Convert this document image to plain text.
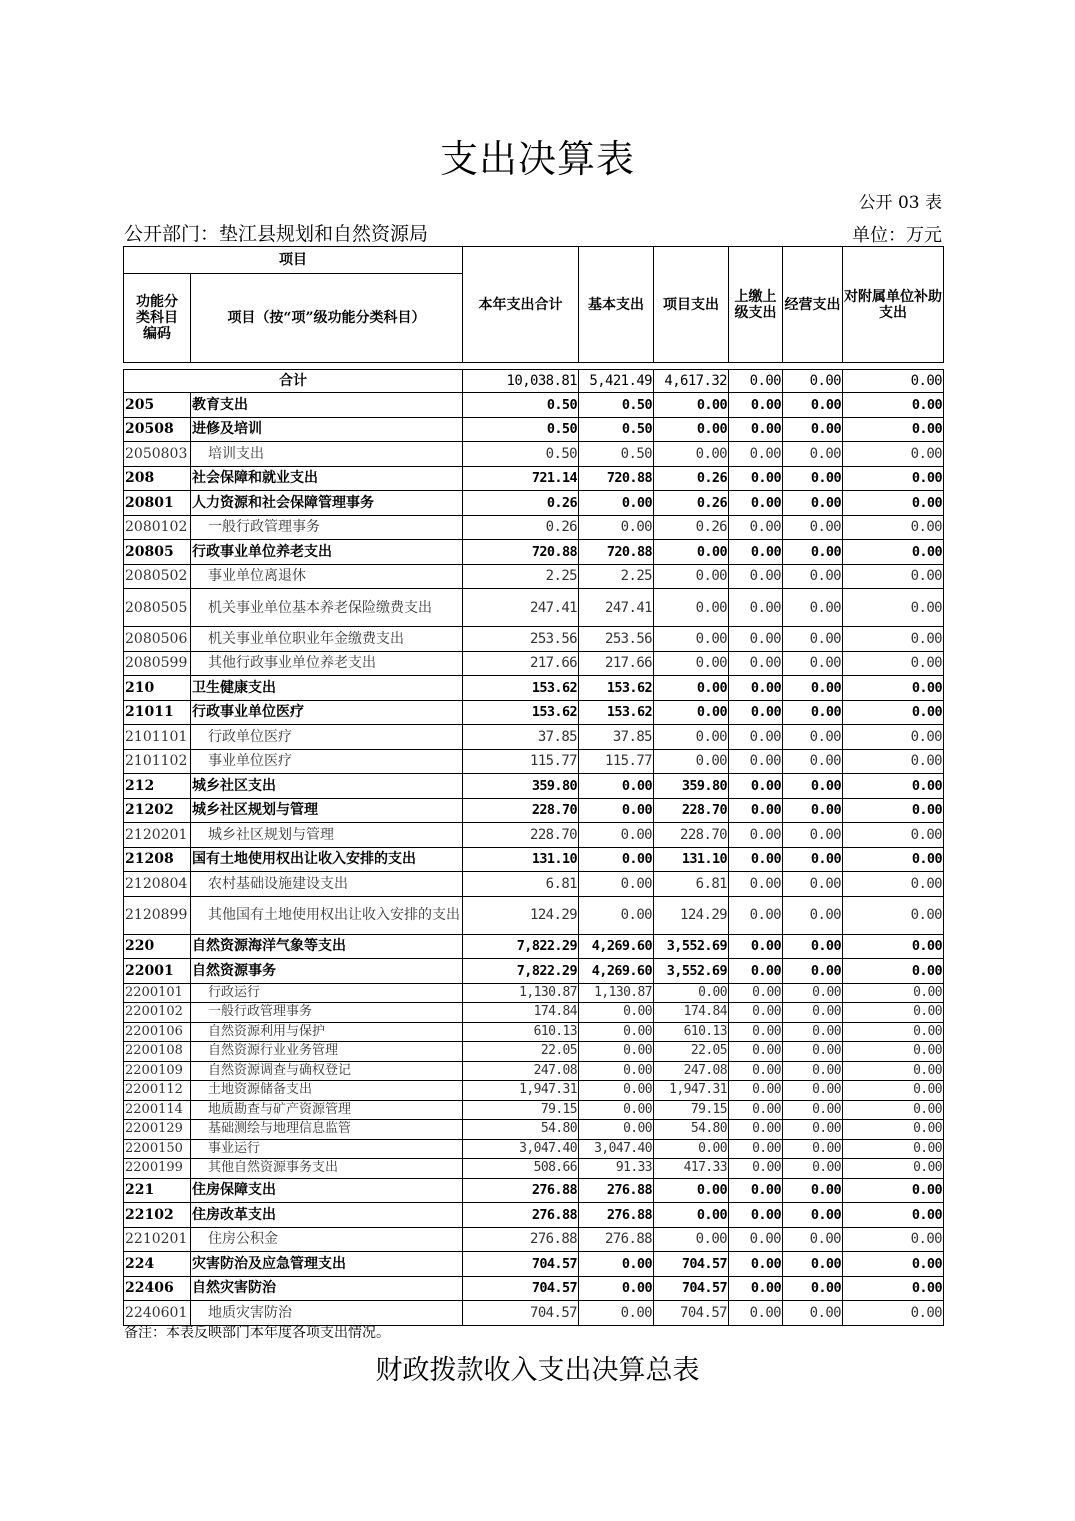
支出决算表
公开 03 表
公开部门：垫江县规划和自然资源局	单位：万元
项目		本年支出合计	基本支出	项目支出	上缴上级支出	经营支出	对附属单位补助支出
功能分类科目编码	项目（按“项”级功能分类科目）						

合计		10,038.81	5,421.49	4,617.32	0.00	0.00	0.00
205	教育支出	0.50	0.50	0.00	0.00	0.00	0.00
20508	进修及培训	0.50	0.50	0.00	0.00	0.00	0.00
2050803	培训支出	0.50	0.50	0.00	0.00	0.00	0.00
208	社会保障和就业支出	721.14	720.88	0.26	0.00	0.00	0.00
20801	人力资源和社会保障管理事务	0.26	0.00	0.26	0.00	0.00	0.00
2080102	一般行政管理事务	0.26	0.00	0.26	0.00	0.00	0.00
20805	行政事业单位养老支出	720.88	720.88	0.00	0.00	0.00	0.00
2080502	事业单位离退休	2.25	2.25	0.00	0.00	0.00	0.00
2080505	机关事业单位基本养老保险缴费支出	247.41	247.41	0.00	0.00	0.00	0.00
2080506	机关事业单位职业年金缴费支出	253.56	253.56	0.00	0.00	0.00	0.00
2080599	其他行政事业单位养老支出	217.66	217.66	0.00	0.00	0.00	0.00
210	卫生健康支出	153.62	153.62	0.00	0.00	0.00	0.00
21011	行政事业单位医疗	153.62	153.62	0.00	0.00	0.00	0.00
2101101	行政单位医疗	37.85	37.85	0.00	0.00	0.00	0.00
2101102	事业单位医疗	115.77	115.77	0.00	0.00	0.00	0.00
212	城乡社区支出	359.80	0.00	359.80	0.00	0.00	0.00
21202	城乡社区规划与管理	228.70	0.00	228.70	0.00	0.00	0.00
2120201	城乡社区规划与管理	228.70	0.00	228.70	0.00	0.00	0.00
21208	国有土地使用权出让收入安排的支出	131.10	0.00	131.10	0.00	0.00	0.00
2120804	农村基础设施建设支出	6.81	0.00	6.81	0.00	0.00	0.00
2120899	其他国有土地使用权出让收入安排的支出	124.29	0.00	124.29	0.00	0.00	0.00
220	自然资源海洋气象等支出	7,822.29	4,269.60	3,552.69	0.00	0.00	0.00
22001	自然资源事务	7,822.29	4,269.60	3,552.69	0.00	0.00	0.00
2200101	行政运行	1,130.87	1,130.87	0.00	0.00	0.00	0.00
2200102	一般行政管理事务	174.84	0.00	174.84	0.00	0.00	0.00
2200106	自然资源利用与保护	610.13	0.00	610.13	0.00	0.00	0.00
2200108	自然资源行业业务管理	22.05	0.00	22.05	0.00	0.00	0.00
2200109	自然资源调查与确权登记	247.08	0.00	247.08	0.00	0.00	0.00
2200112	土地资源储备支出	1,947.31	0.00	1,947.31	0.00	0.00	0.00
2200114	地质勘查与矿产资源管理	79.15	0.00	79.15	0.00	0.00	0.00
2200129	基础测绘与地理信息监管	54.80	0.00	54.80	0.00	0.00	0.00
2200150	事业运行	3,047.40	3,047.40	0.00	0.00	0.00	0.00
2200199	其他自然资源事务支出	508.66	91.33	417.33	0.00	0.00	0.00
221	住房保障支出	276.88	276.88	0.00	0.00	0.00	0.00
22102	住房改革支出	276.88	276.88	0.00	0.00	0.00	0.00
2210201	住房公积金	276.88	276.88	0.00	0.00	0.00	0.00
224	灾害防治及应急管理支出	704.57	0.00	704.57	0.00	0.00	0.00
22406	自然灾害防治	704.57	0.00	704.57	0.00	0.00	0.00
2240601	地质灾害防治	704.57	0.00	704.57	0.00	0.00	0.00
备注：本表反映部门本年度各项支出情况。
财政拨款收入支出决算总表
